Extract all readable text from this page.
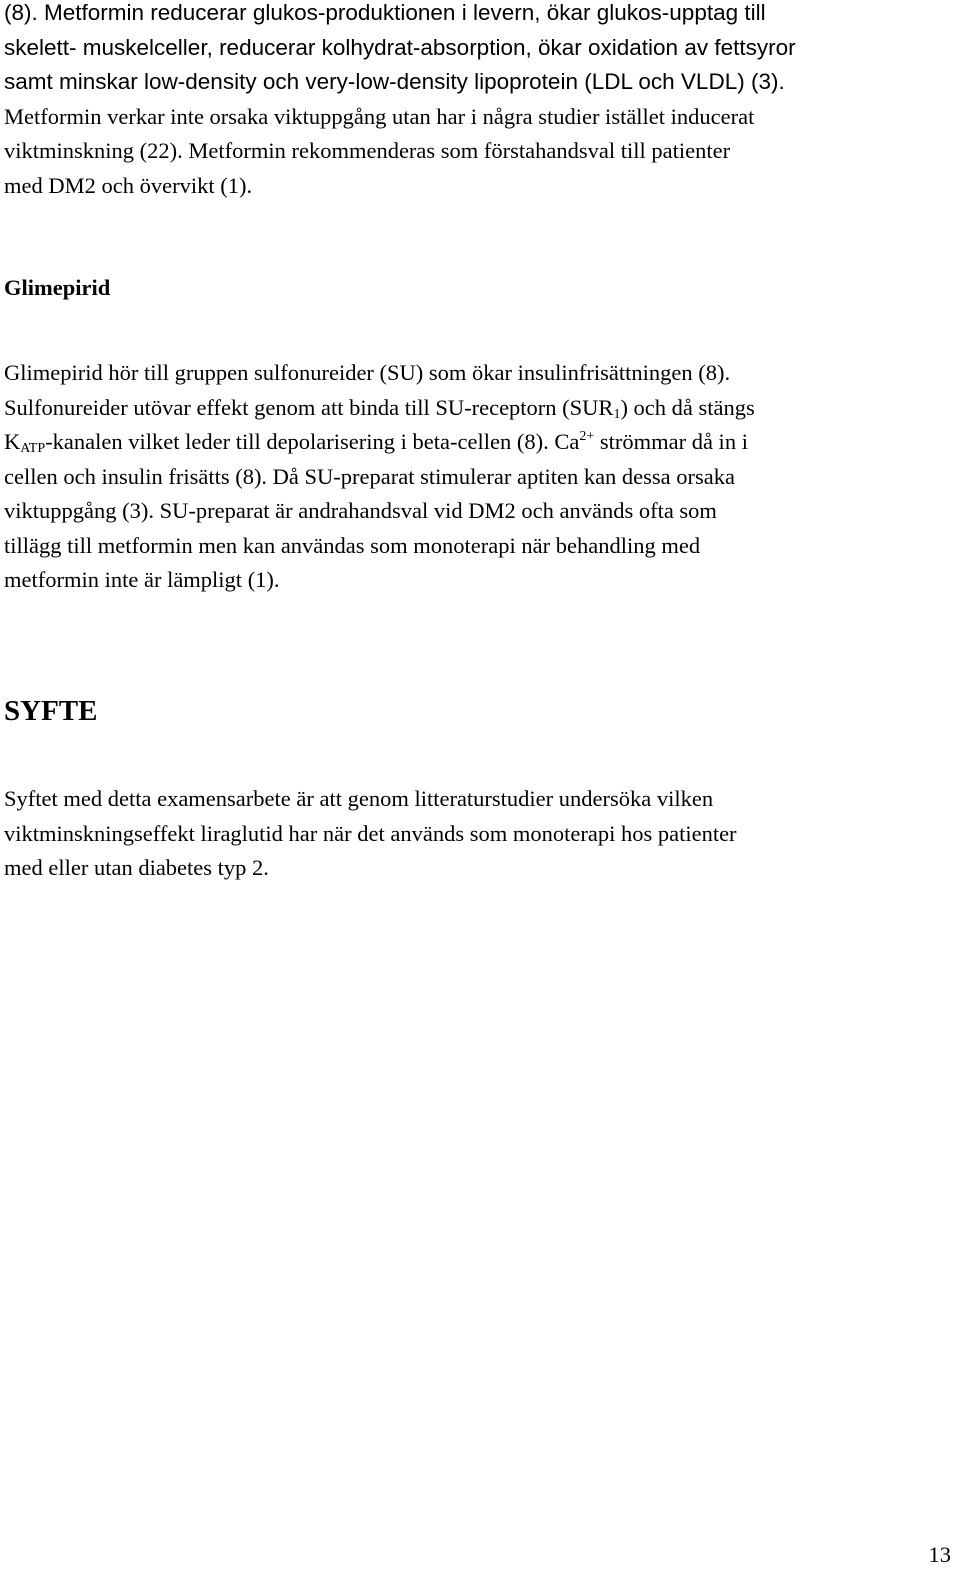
(8). Metformin reducerar glukos-produktionen i levern, ökar glukos-upptag till
skelett- muskelceller, reducerar kolhydrat-absorption, ökar oxidation av fettsyror
samt minskar low-density och very-low-density lipoprotein (LDL och VLDL) (3).
Metformin verkar inte orsaka viktuppgång utan har i några studier istället inducerat
viktminskning (22). Metformin rekommenderas som förstahandsval till patienter
med DM2 och övervikt (1).

Glimepirid

Glimepirid hör till gruppen sulfonureider (SU) som ökar insulinfrisättningen (8).
Sulfonureider utövar effekt genom att binda till SU-receptorn $(SUR_1)$ och då stängs
$K_{ATP}$-kanalen vilket leder till depolarisering i beta-cellen (8). $Ca^{2+}$ strömmar då in i
cellen och insulin frisätts (8). Då SU-preparat stimulerar aptiten kan dessa orsaka
viktuppgång (3). SU-preparat är andrahandsval vid DM2 och används ofta som
tillägg till metformin men kan användas som monoterapi när behandling med
metformin inte är lämpligt (1).

SYFTE

Syftet med detta examensarbete är att genom litteraturstudier undersöka vilken
viktminskningseffekt liraglutid har när det används som monoterapi hos patienter
med eller utan diabetes typ 2.

13
